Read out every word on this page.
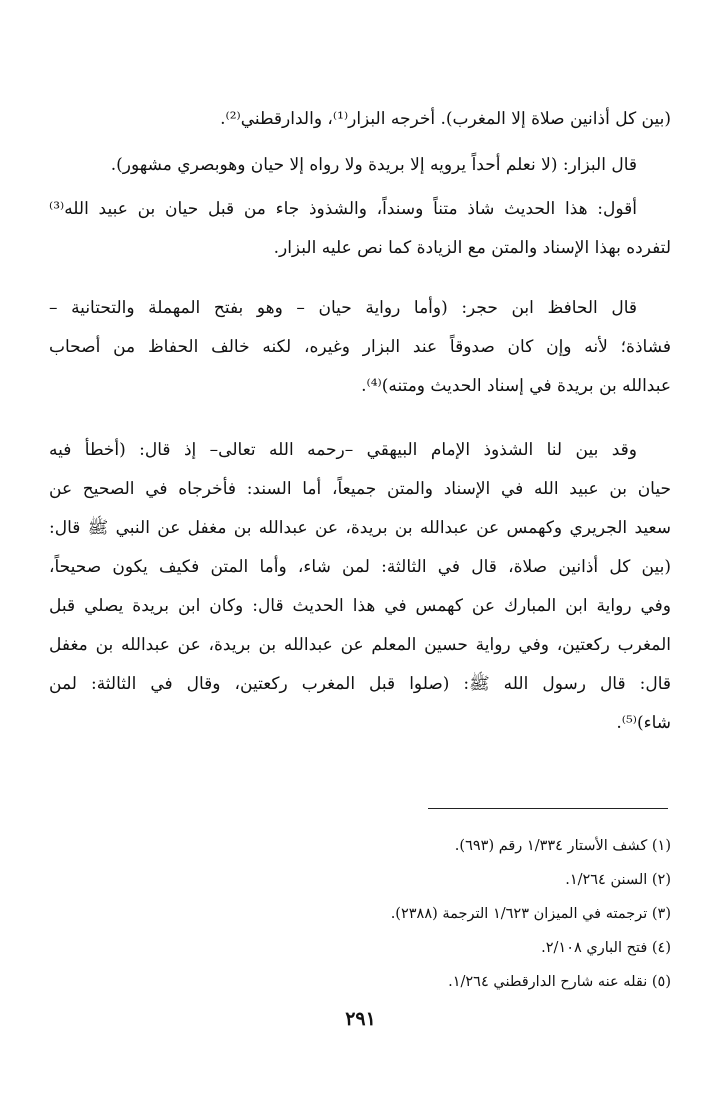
(بين كل أذانين صلاة إلا المغرب). أخرجه البزار⁽¹⁾، والدارقطني⁽²⁾.
قال البزار: (لا نعلم أحداً يرويه إلا بريدة ولا رواه إلا حيان وهوبصري مشهور).
أقول: هذا الحديث شاذ متناً وسنداً، والشذوذ جاء من قبل حيان بن عبيد الله⁽³⁾
لتفرده بهذا الإسناد والمتن مع الزيادة كما نص عليه البزار.
قال الحافظ ابن حجر: (وأما رواية حيان – وهو بفتح المهملة والتحتانية –
فشاذة؛ لأنه وإن كان صدوقاً عند البزار وغيره، لكنه خالف الحفاظ من أصحاب
عبدالله بن بريدة في إسناد الحديث ومتنه)⁽⁴⁾.
وقد بين لنا الشذوذ الإمام البيهقي –رحمه الله تعالى– إذ قال: (أخطأ فيه
حيان بن عبيد الله في الإسناد والمتن جميعاً، أما السند: فأخرجاه في الصحيح عن
سعيد الجريري وكهمس عن عبدالله بن بريدة، عن عبدالله بن مغفل عن النبي ﷺ قال:
(بين كل أذانين صلاة، قال في الثالثة: لمن شاء، وأما المتن فكيف يكون صحيحاً،
وفي رواية ابن المبارك عن كهمس في هذا الحديث قال: وكان ابن بريدة يصلي قبل
المغرب ركعتين، وفي رواية حسين المعلم عن عبدالله بن بريدة، عن عبدالله بن مغفل
قال: قال رسول الله ﷺ: (صلوا قبل المغرب ركعتين، وقال في الثالثة: لمن
شاء)⁽⁵⁾.
(١) كشف الأستار ١/٣٣٤ رقم (٦٩٣).
(٢) السنن ١/٢٦٤.
(٣) ترجمته في الميزان ١/٦٢٣ الترجمة (٢٣٨٨).
(٤) فتح الباري ٢/١٠٨.
(٥) نقله عنه شارح الدارقطني ١/٢٦٤.
٢٩١
